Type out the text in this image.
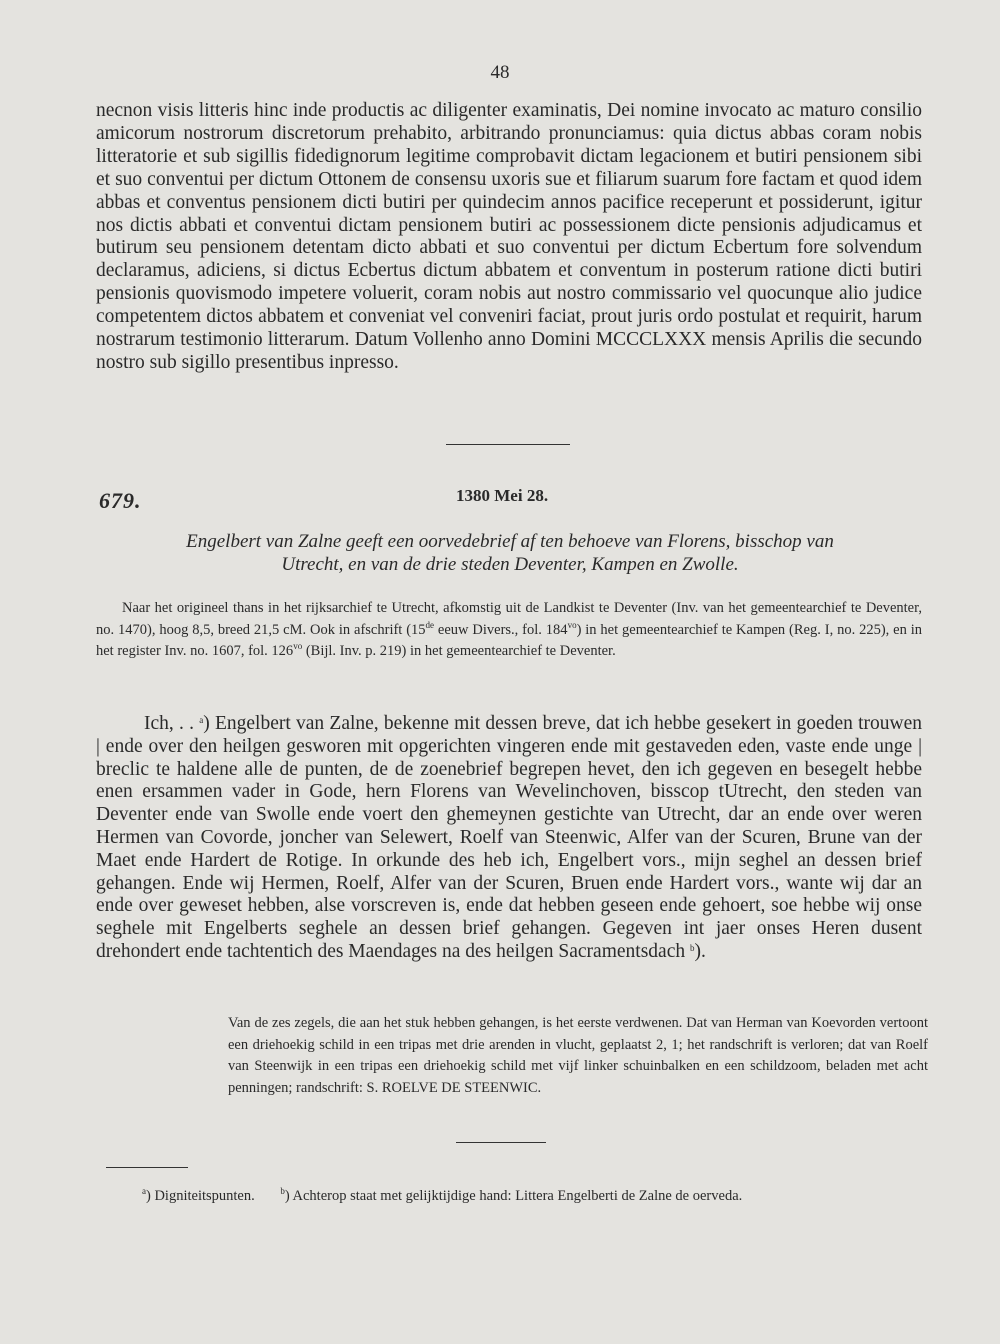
48

necnon visis litteris hinc inde productis ac diligenter examinatis, Dei nomine invocato ac maturo consilio amicorum nostrorum discretorum prehabito, arbitrando pronunciamus: quia dictus abbas coram nobis litteratorie et sub sigillis fidedignorum legitime comprobavit dictam legacionem et butiri pensionem sibi et suo conventui per dictum Ottonem de consensu uxoris sue et filiarum suarum fore factam et quod idem abbas et conventus pensionem dicti butiri per quindecim annos pacifice receperunt et possiderunt, igitur nos dictis abbati et conventui dictam pensionem butiri ac possessionem dicte pensionis adjudicamus et butirum seu pensionem detentam dicto abbati et suo conventui per dictum Ecbertum fore solvendum declaramus, adiciens, si dictus Ecbertus dictum abbatem et conventum in posterum ratione dicti butiri pensionis quovismodo impetere voluerit, coram nobis aut nostro commissario vel quocunque alio judice competentem dictos abbatem et conveniat vel conveniri faciat, prout juris ordo postulat et requirit, harum nostrarum testimonio litterarum. Datum Vollenho anno Domini MCCCLXXX mensis Aprilis die secundo nostro sub sigillo presentibus inpresso.

679.	1380 Mei 28.

Engelbert van Zalne geeft een oorvedebrief af ten behoeve van Florens, bisschop van

Utrecht, en van de drie steden Deventer, Kampen en Zwolle.

Naar het origineel thans in het rijksarchief te Utrecht, afkomstig uit de Landkist te Deventer (Inv. van het gemeentearchief te Deventer, no. 1470), hoog 8,5, breed 21,5 cM. Ook in afschrift (15de eeuw Divers., fol. $184^{vo}$) in het gemeentearchief te Kampen (Reg. I, no. 225), en in het register Inv. no. 1607, fol. $126^{vo}$ (Bijl. Inv. p. 219) in het gemeentearchief te Deventer.

Ich, . . $^a$) Engelbert van Zalne, bekenne mit dessen breve, dat ich hebbe gesekert in goeden trouwen | ende over den heilgen gesworen mit opgerichten vingeren ende mit gestaveden eden, vaste ende unge | breclic te haldene alle de punten, de de zoenebrief begrepen hevet, den ich gegeven en besegelt hebbe enen ersammen vader in Gode, hern Florens van Wevelinchoven, bisscop tUtrecht, den steden van Deventer ende van Swolle ende voert den ghemeynen gestichte van Utrecht, dar an ende over weren Hermen van Covorde, joncher van Selewert, Roelf van Steenwic, Alfer van der Scuren, Brune van der Maet ende Hardert de Rotige. In orkunde des heb ich, Engelbert vors., mijn seghel an dessen brief gehangen. Ende wij Hermen, Roelf, Alfer van der Scuren, Bruen ende Hardert vors., wante wij dar an ende over geweset hebben, alse vorscreven is, ende dat hebben geseen ende gehoert, soe hebbe wij onse seghele mit Engelberts seghele an dessen brief gehangen. Gegeven int jaer onses Heren dusent drehondert ende tachtentich des Maendages na des heilgen Sacramentsdach $^b$).

Van de zes zegels, die aan het stuk hebben gehangen, is het eerste verdwenen. Dat van Herman van Koevorden vertoont een driehoekig schild in een tripas met drie arenden in vlucht, geplaatst 2, 1; het randschrift is verloren; dat van Roelf van Steenwijk in een tripas een driehoekig schild met vijf linker schuinbalken en een schildzoom, beladen met acht penningen; randschrift: S. ROELVE DE STEENWIC.

$^a$) Digniteitspunten.	$^b$) Achterop staat met gelijktijdige hand: Littera Engelberti de Zalne de oerveda.
